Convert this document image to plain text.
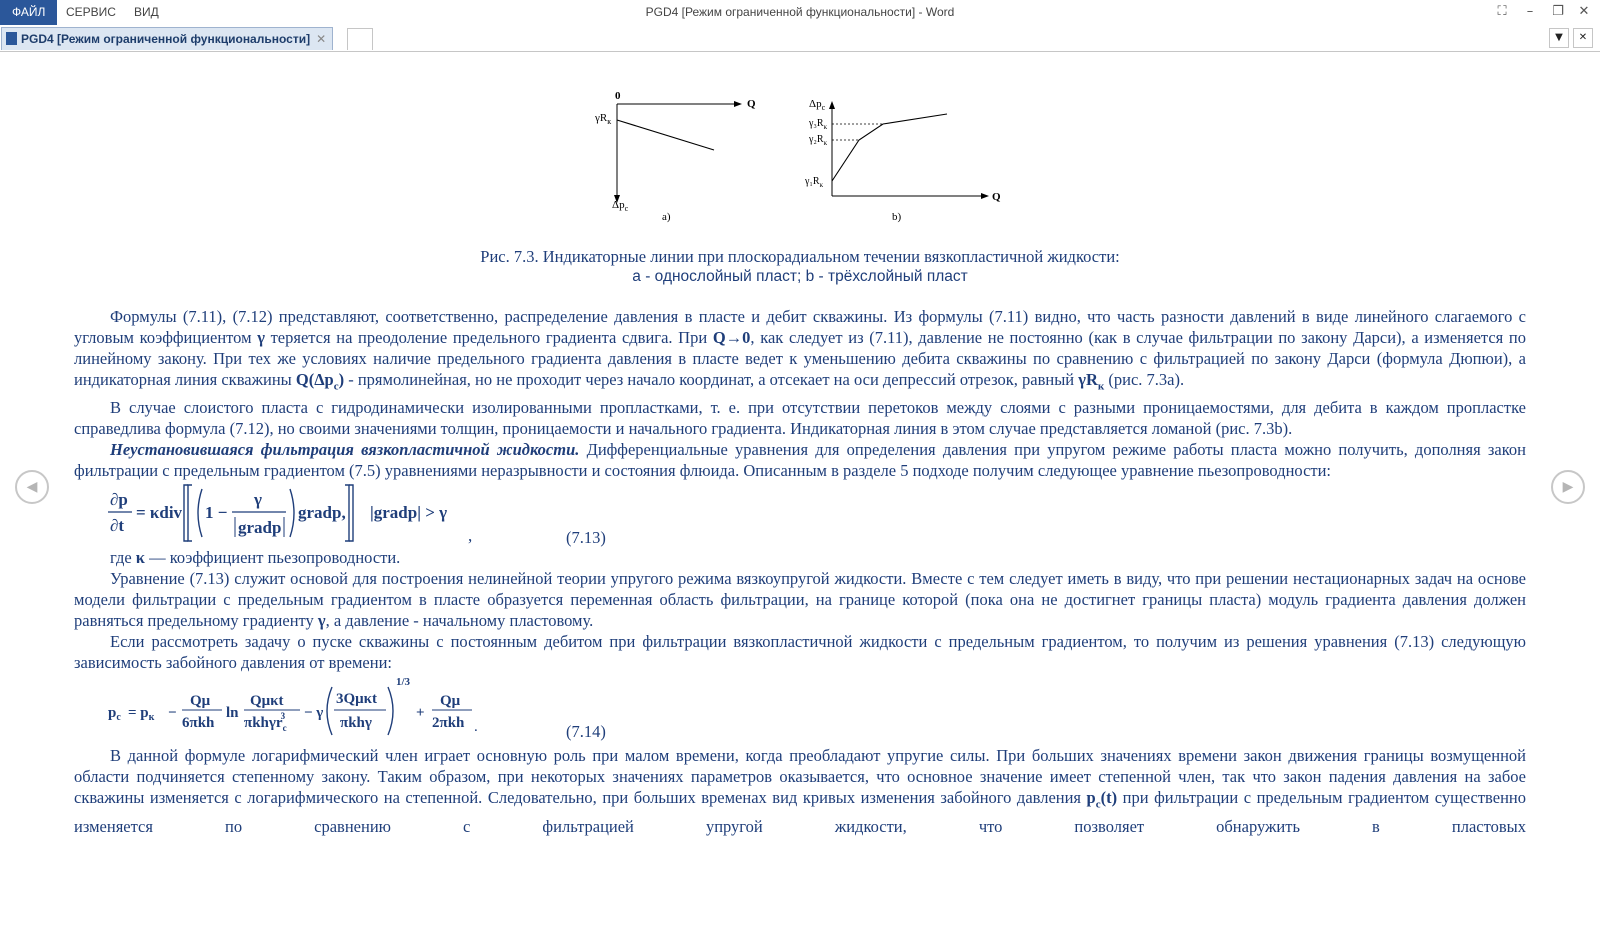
ФАЙЛ	СЕРВИС ВИД	PGD4 [Режим ограниченной функциональности] - Word	⛶	–	❐	✕
PGD4 [Режим ограниченной функциональности] ✕	▼	✕
◀	▶
0
Q
$\gamma R_к$
$\Delta p_c$
a)
$\Delta p_c$
$\gamma_3R_к$
$\gamma_2R_к$
$\gamma_1R_к$
Q
b)
Рис. 7.3. Индикаторные линии при плоскорадиальном течении вязкопластичной жидкости:
a - однослойный пласт; b - трёхслойный пласт

Формулы (7.11), (7.12) представляют, соответственно, распределение давления в пласте и дебит скважины. Из формулы (7.11) видно, что часть разности давлений в виде линейного слагаемого с угловым коэффициентом γ теряется на преодоление предельного градиента сдвига. При Q→0, как следует из (7.11), давление не постоянно (как в случае фильтрации по закону Дарси), а изменяется по линейному закону. При тех же условиях наличие предельного градиента давления в пласте ведет к уменьшению дебита скважины по сравнению с фильтрацией по закону Дарси (формула Дюпюи), а индикаторная линия скважины $Q(\Delta p_c)$ - прямолинейная, но не проходит через начало координат, а отсекает на оси депрессий отрезок, равный $\gamma R_к$ (рис. 7.3а).

В случае слоистого пласта с гидродинамически изолированными пропластками, т. е. при отсутствии перетоков между слоями с разными проницаемостями, для дебита в каждом пропластке справедлива формула (7.12), но своими значениями толщин, проницаемости и начального градиента. Индикаторная линия в этом случае представляется ломаной (рис. 7.3b).

Неустановившаяся фильтрация вязкопластичной жидкости. Дифференциальные уравнения для определения давления при упругом режиме работы пласта можно получить, дополняя закон фильтрации с предельным градиентом (7.5) уравнениями неразрывности и состояния флюида. Описанным в разделе 5 подходе получим следующее уравнение пьезопроводности:

∂p
∂t
= κdiv 1 −
γ
gradp
gradp, |gradp| > γ
,	(7.13)

где κ — коэффициент пьезопроводности.

Уравнение (7.13) служит основой для построения нелинейной теории упругого режима вязкоупругой жидкости. Вместе с тем следует иметь в виду, что при решении нестационарных задач на основе модели фильтрации с предельным градиентом в пласте образуется переменная область фильтрации, на границе которой (пока она не достигнет границы пласта) модуль градиента давления должен равняться предельному градиенту γ, а давление - начальному пластовому.

Если рассмотреть задачу о пуске скважины с постоянным дебитом при фильтрации вязкопластичной жидкости с предельным градиентом, то получим из решения уравнения (7.13) следующую зависимость забойного давления от времени:

$p_c = p_к$ −
Qμ
6πkh
ln
Qμκt
πkhγr$_c$3 − γ
3Qμκt
πkhγ
1/3
+
Qμ
2πkh .	(7.14)

В данной формуле логарифмический член играет основную роль при малом времени, когда преобладают упругие силы. При больших значениях времени закон движения границы возмущенной области подчиняется степенному закону. Таким образом, при некоторых значениях параметров оказывается, что основное значение имеет степенной член, так что закон падения давления на забое скважины изменяется с логарифмического на степенной. Следовательно, при больших временах вид кривых изменения забойного давления $p_c(t)$ при фильтрации с предельным градиентом существенно изменяется по сравнению с фильтрацией упругой жидкости, что позволяет обнаружить в пластовых
